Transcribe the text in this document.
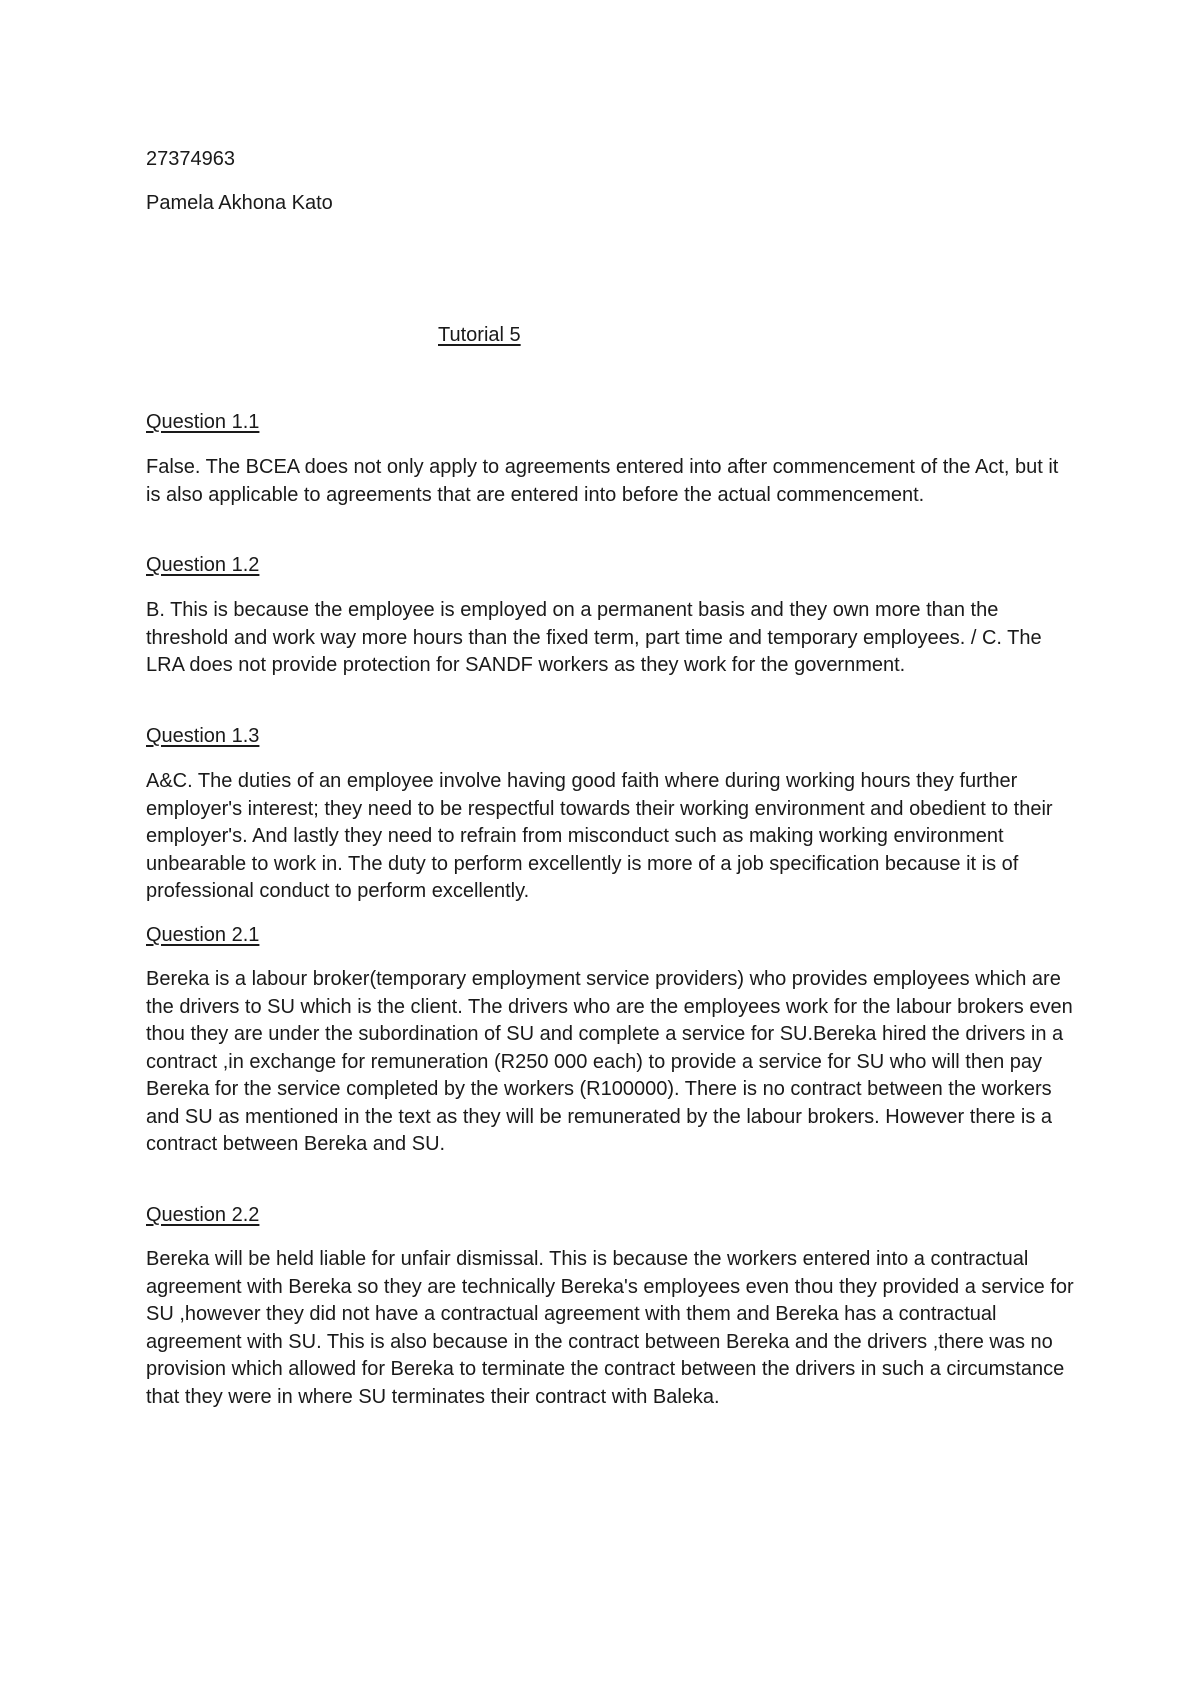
27374963

Pamela Akhona Kato

Tutorial 5

Question 1.1

False. The BCEA does not only apply to agreements entered into after commencement of the Act, but it is also applicable to agreements that are entered into before the actual commencement.

Question 1.2

B. This is because the employee is employed on a permanent basis and they own more than the threshold and work way more hours than the fixed term, part time and temporary employees. / C. The LRA does not provide protection for SANDF workers as they work for the government.

Question 1.3

A&C. The duties of an employee involve having good faith where during working hours they further employer's interest; they need to be respectful towards their working environment and obedient to their employer's. And lastly they need to refrain from misconduct such as making working environment unbearable to work in. The duty to perform excellently is more of a job specification because it is of professional conduct to perform excellently.

Question 2.1

Bereka is a labour broker(temporary employment service providers) who provides employees which are the drivers to SU which is the client. The drivers who are the employees work for the labour brokers even thou they are under the subordination of SU and complete a service for SU.Bereka hired the drivers in a contract ,in exchange for remuneration (R250 000 each) to provide a service for SU who will then pay Bereka for the service completed by the workers (R100000). There is no contract between the workers and SU as mentioned in the text as they will be remunerated by the labour brokers. However there is a contract between Bereka and SU.

Question 2.2

Bereka will be held liable for unfair dismissal. This is because the workers entered into a contractual agreement with Bereka so they are technically Bereka's employees even thou they provided a service for SU ,however they did not have a contractual agreement with them and Bereka has a contractual agreement with SU. This is also because in the contract between Bereka and the drivers ,there was no provision which allowed for Bereka to terminate the contract between the drivers in such a circumstance that they were in where SU terminates their contract with Baleka.
